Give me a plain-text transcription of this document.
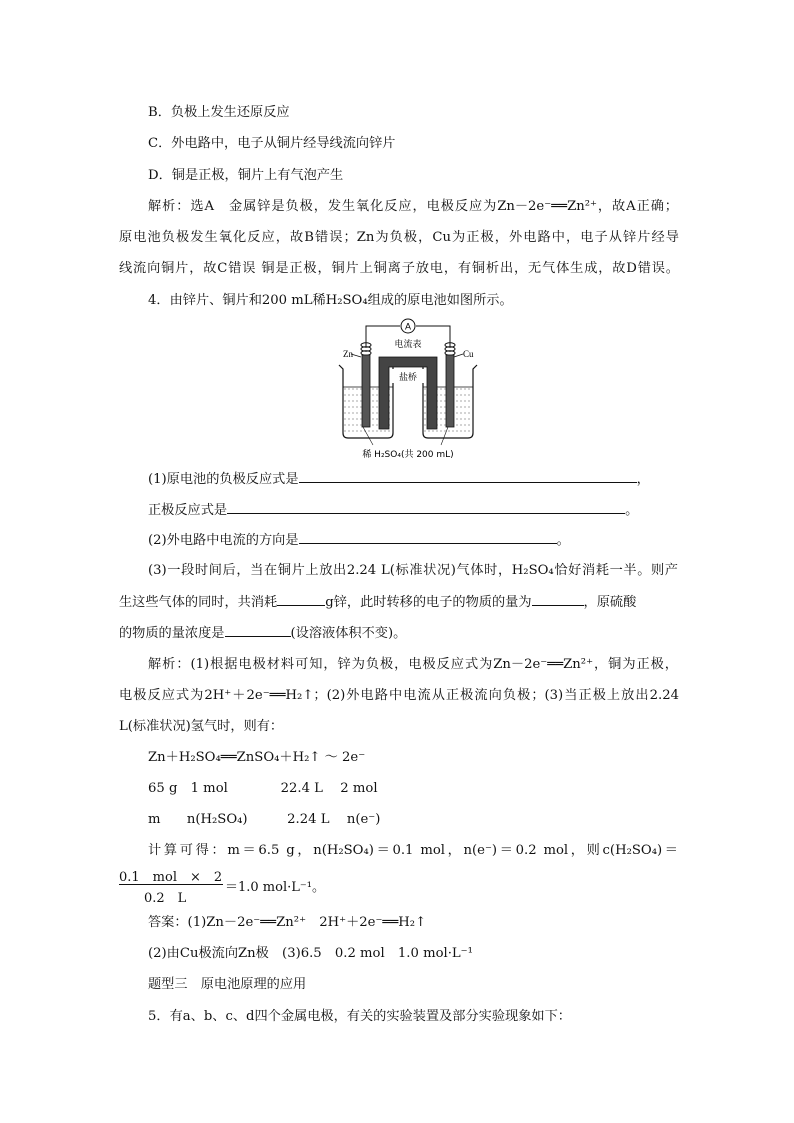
B．负极上发生还原反应
C．外电路中，电子从铜片经导线流向锌片
D．铜是正极，铜片上有气泡产生
解析：选A　金属锌是负极，发生氧化反应，电极反应为Zn－2e⁻══Zn²⁺，故A正确；
原电池负极发生氧化反应，故B错误；Zn为负极，Cu为正极，外电路中，电子从锌片经导
线流向铜片，故C错误 铜是正极，铜片上铜离子放电，有铜析出，无气体生成，故D错误。
4．由锌片、铜片和200 mL稀H₂SO₄组成的原电池如图所示。
A
电流表
Zn	Cu
盐桥
稀 H₂SO₄(共 200 mL)
(1)原电池的负极反应式是	，
正极反应式是	。
(2)外电路中电流的方向是	。
(3)一段时间后，当在铜片上放出2.24 L(标准状况)气体时，H₂SO₄恰好消耗一半。则产
生这些气体的同时，共消耗	g锌，此时转移的电子的物质的量为	，原硫酸
的物质的量浓度是	(设溶液体积不变)。
解析：(1)根据电极材料可知，锌为负极，电极反应式为Zn－2e⁻══Zn²⁺，铜为正极，
电极反应式为2H⁺＋2e⁻══H₂↑；(2)外电路中电流从正极流向负极；(3)当正极上放出2.24
L(标准状况)氢气时，则有：
Zn＋H₂SO₄══ZnSO₄＋H₂↑ ～ 2e⁻
65 g　1 mol　　　　22.4 L　 2 mol
m　　n(H₂SO₄)　　　2.24 L　 n(e⁻)
计算可得：m＝6.5 g，n(H₂SO₄)＝0.1 mol，n(e⁻)＝0.2 mol，则c(H₂SO₄)＝
0.1　mol　×　2
0.2　L
＝1.0 mol·L⁻¹。
答案：(1)Zn－2e⁻══Zn²⁺　2H⁺＋2e⁻══H₂↑
(2)由Cu极流向Zn极　(3)6.5　0.2 mol　1.0 mol·L⁻¹
题型三　原电池原理的应用
5．有a、b、c、d四个金属电极，有关的实验装置及部分实验现象如下：
